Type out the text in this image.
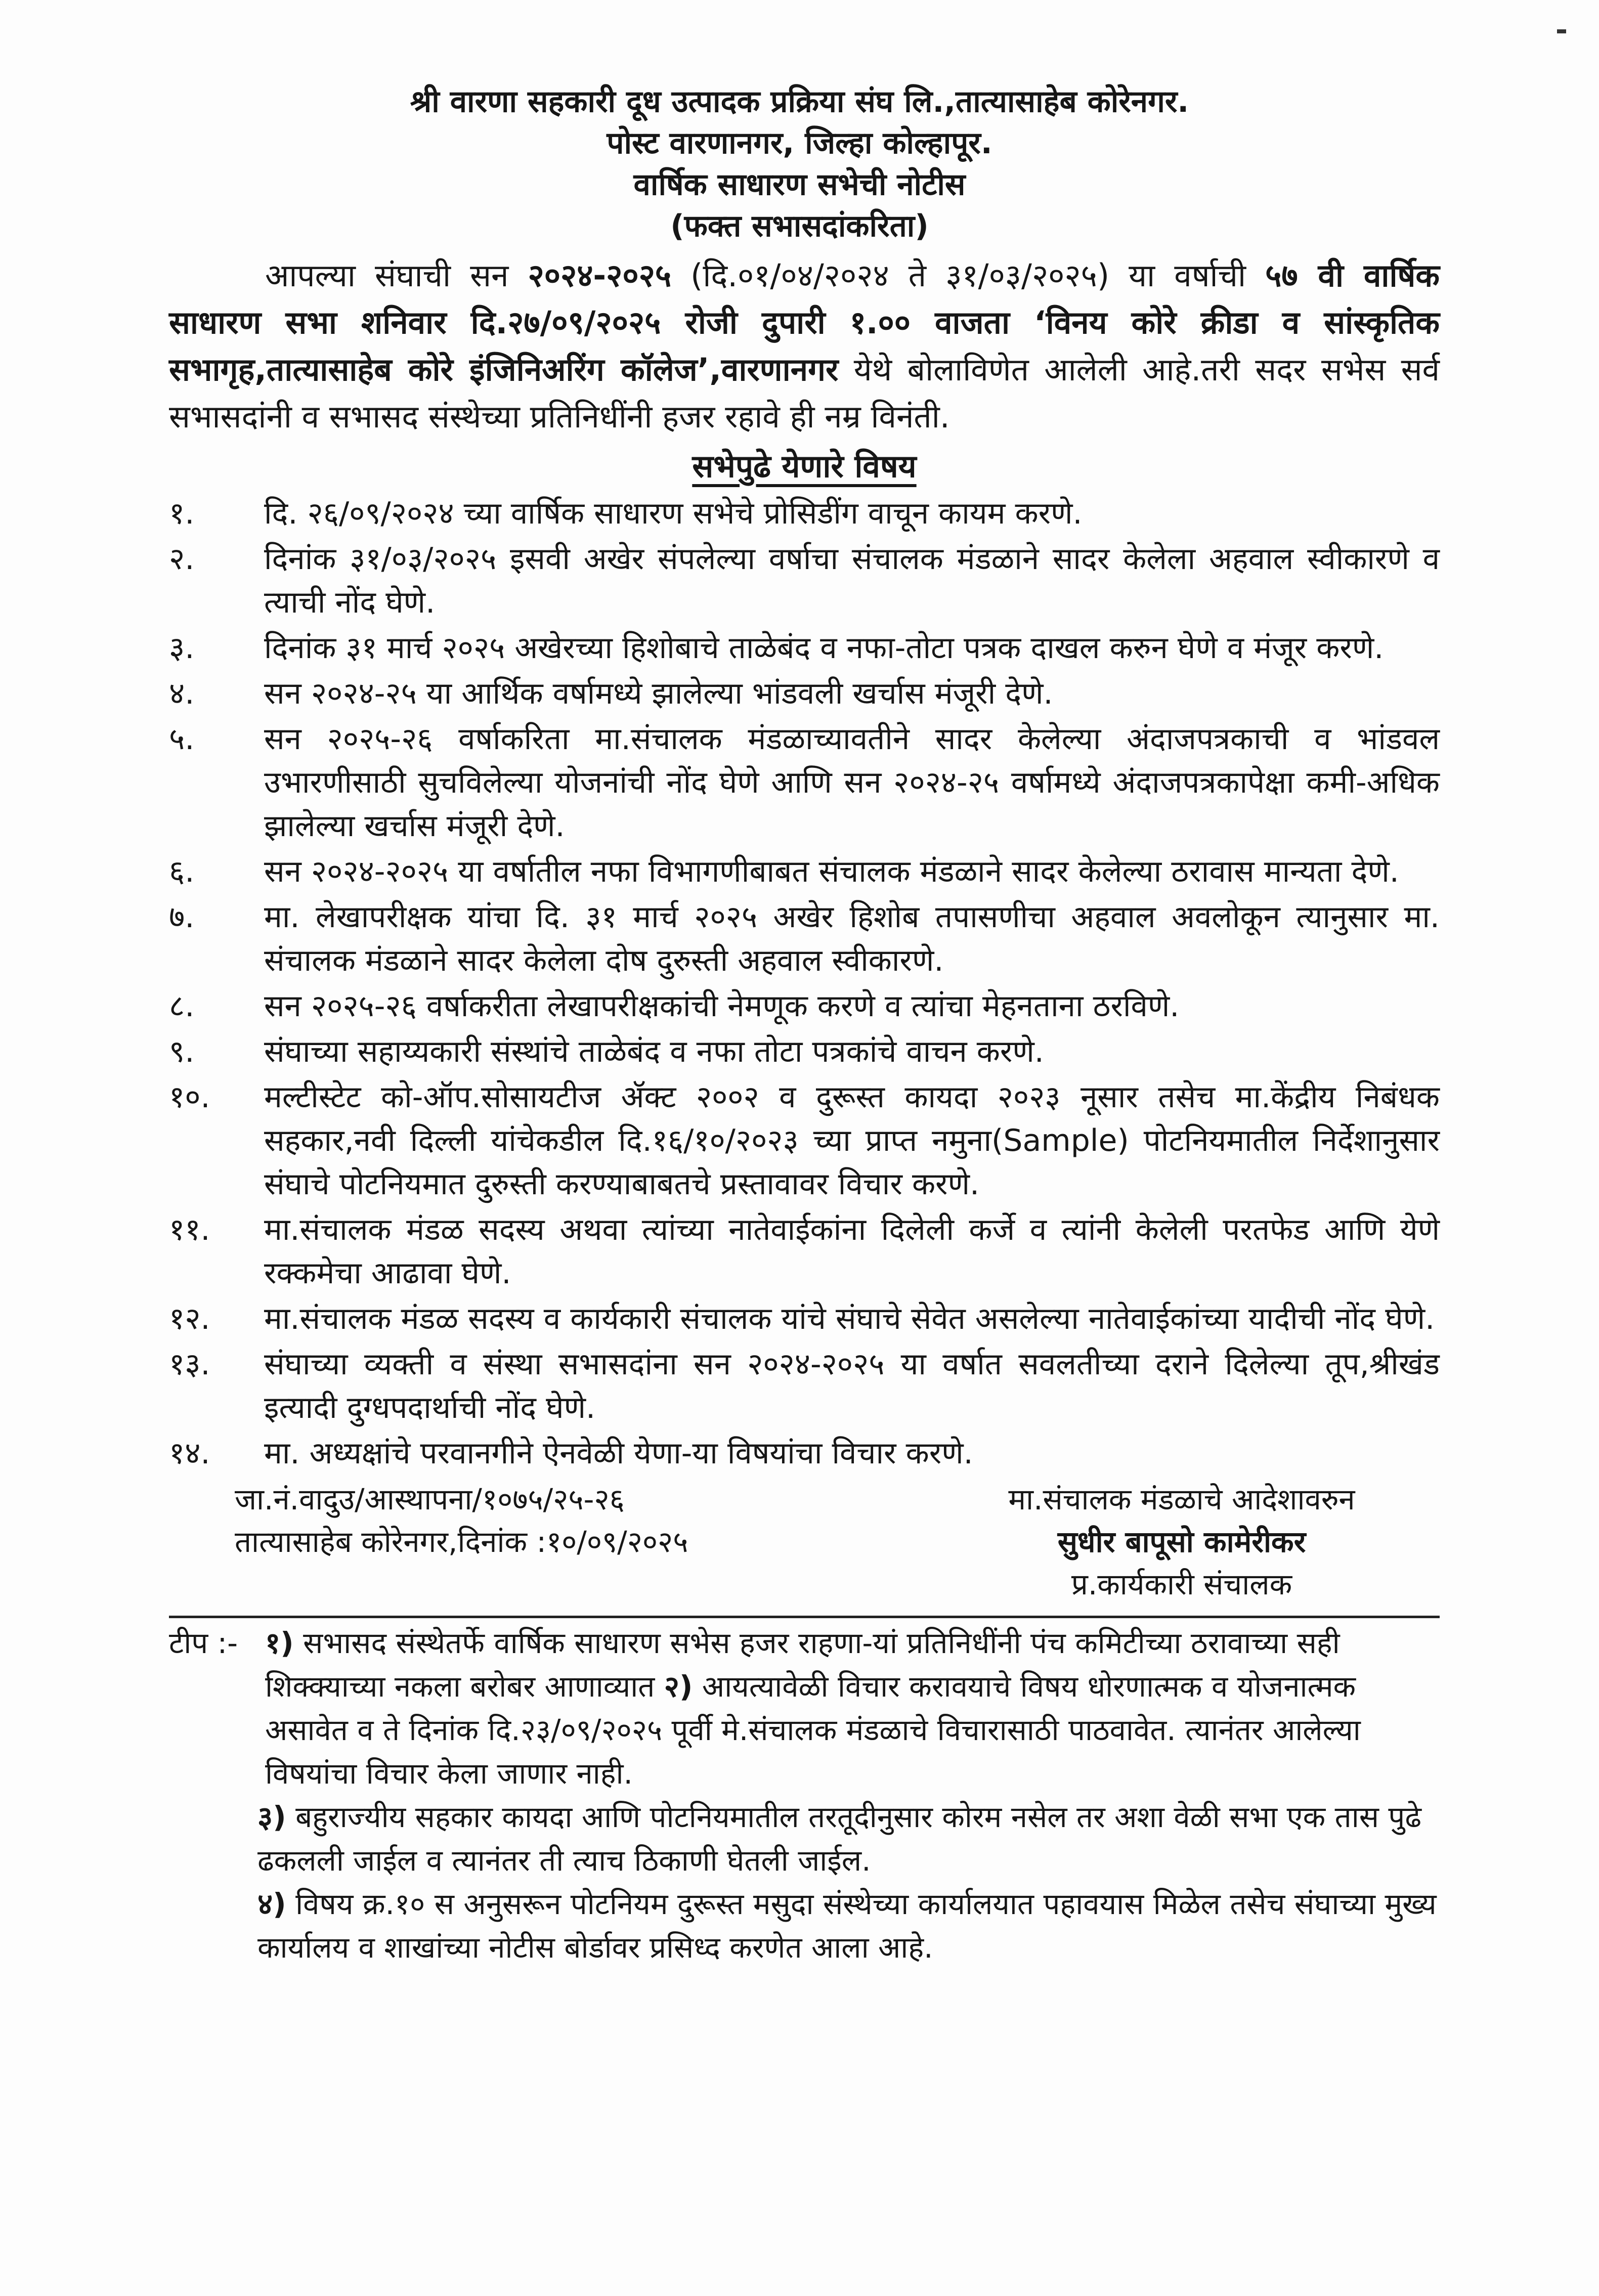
श्री वारणा सहकारी दूध उत्पादक प्रक्रिया संघ लि.,तात्यासाहेब कोरेनगर.
पोस्ट वारणानगर, जिल्हा कोल्हापूर.
वार्षिक साधारण सभेची नोटीस
(फक्त सभासदांकरिता)

आपल्या संघाची सन २०२४-२०२५ (दि.०१/०४/२०२४ ते ३१/०३/२०२५) या वर्षाची ५७ वी वार्षिक साधारण सभा शनिवार दि.२७/०९/२०२५ रोजी दुपारी १.०० वाजता ‘विनय कोरे क्रीडा व सांस्कृतिक सभागृह,तात्यासाहेब कोरे इंजिनिअरिंग कॉलेज’,वारणानगर येथे बोलाविणेत आलेली आहे.तरी सदर सभेस सर्व सभासदांनी व सभासद संस्थेच्या प्रतिनिधींनी हजर रहावे ही नम्र विनंती.

सभेपुढे येणारे विषय
१.	दि. २६/०९/२०२४ च्या वार्षिक साधारण सभेचे प्रोसिडींग वाचून कायम करणे.
२.	दिनांक ३१/०३/२०२५ इसवी अखेर संपलेल्या वर्षाचा संचालक मंडळाने सादर केलेला अहवाल स्वीकारणे व त्याची नोंद घेणे.
३.	दिनांक ३१ मार्च २०२५ अखेरच्या हिशोबाचे ताळेबंद व नफा-तोटा पत्रक दाखल करुन घेणे व मंजूर करणे.
४.	सन २०२४-२५ या आर्थिक वर्षामध्ये झालेल्या भांडवली खर्चास मंजूरी देणे.
५.	सन २०२५-२६ वर्षाकरिता मा.संचालक मंडळाच्यावतीने सादर केलेल्या अंदाजपत्रकाची व भांडवल उभारणीसाठी सुचविलेल्या योजनांची नोंद घेणे आणि सन २०२४-२५ वर्षामध्ये अंदाजपत्रकापेक्षा कमी-अधिक झालेल्या खर्चास मंजूरी देणे.
६.	सन २०२४-२०२५ या वर्षातील नफा विभागणीबाबत संचालक मंडळाने सादर केलेल्या ठरावास मान्यता देणे.
७.	मा. लेखापरीक्षक यांचा दि. ३१ मार्च २०२५ अखेर हिशोब तपासणीचा अहवाल अवलोकून त्यानुसार मा. संचालक मंडळाने सादर केलेला दोष दुरुस्ती अहवाल स्वीकारणे.
८.	सन २०२५-२६ वर्षाकरीता लेखापरीक्षकांची नेमणूक करणे व त्यांचा मेहनताना ठरविणे.
९.	संघाच्या सहाय्यकारी संस्थांचे ताळेबंद व नफा तोटा पत्रकांचे वाचन करणे.
१०.	मल्टीस्टेट को-ऑप.सोसायटीज ॲक्ट २००२ व दुरूस्त कायदा २०२३ नूसार तसेच मा.केंद्रीय निबंधक सहकार,नवी दिल्ली यांचेकडील दि.१६/१०/२०२३ च्या प्राप्त नमुना(Sample) पोटनियमातील निर्देशानुसार संघाचे पोटनियमात दुरुस्ती करण्याबाबतचे प्रस्तावावर विचार करणे.
११.	मा.संचालक मंडळ सदस्य अथवा त्यांच्या नातेवाईकांना दिलेली कर्जे व त्यांनी केलेली परतफेड आणि येणे रक्कमेचा आढावा घेणे.
१२.	मा.संचालक मंडळ सदस्य व कार्यकारी संचालक यांचे संघाचे सेवेत असलेल्या नातेवाईकांच्या यादीची नोंद घेणे.
१३.	संघाच्या व्यक्ती व संस्था सभासदांना सन २०२४-२०२५ या वर्षात सवलतीच्या दराने दिलेल्या तूप,श्रीखंड इत्यादी दुग्धपदार्थाची नोंद घेणे.
१४.	मा. अध्यक्षांचे परवानगीने ऐनवेळी येणा-या विषयांचा विचार करणे.
जा.नं.वादुउ/आस्थापना/१०७५/२५-२६
तात्यासाहेब कोरेनगर,दिनांक :१०/०९/२०२५
मा.संचालक मंडळाचे आदेशावरुन
सुधीर बापूसो कामेरीकर
प्र.कार्यकारी संचालक
टीप :- १) सभासद संस्थेतर्फे वार्षिक साधारण सभेस हजर राहणा-यां प्रतिनिधींनी पंच कमिटीच्या ठरावाच्या सही शिक्क्याच्या नकला बरोबर आणाव्यात २) आयत्यावेळी विचार करावयाचे विषय धोरणात्मक व योजनात्मक असावेत व ते दिनांक दि.२३/०९/२०२५ पूर्वी मे.संचालक मंडळाचे विचारासाठी पाठवावेत. त्यानंतर आलेल्या विषयांचा विचार केला जाणार नाही.
३) बहुराज्यीय सहकार कायदा आणि पोटनियमातील तरतूदीनुसार कोरम नसेल तर अशा वेळी सभा एक तास पुढे ढकलली जाईल व त्यानंतर ती त्याच ठिकाणी घेतली जाईल.
४) विषय क्र.१० स अनुसरून पोटनियम दुरूस्त मसुदा संस्थेच्या कार्यालयात पहावयास मिळेल तसेच संघाच्या मुख्य कार्यालय व शाखांच्या नोटीस बोर्डावर प्रसिध्द करणेत आला आहे.
